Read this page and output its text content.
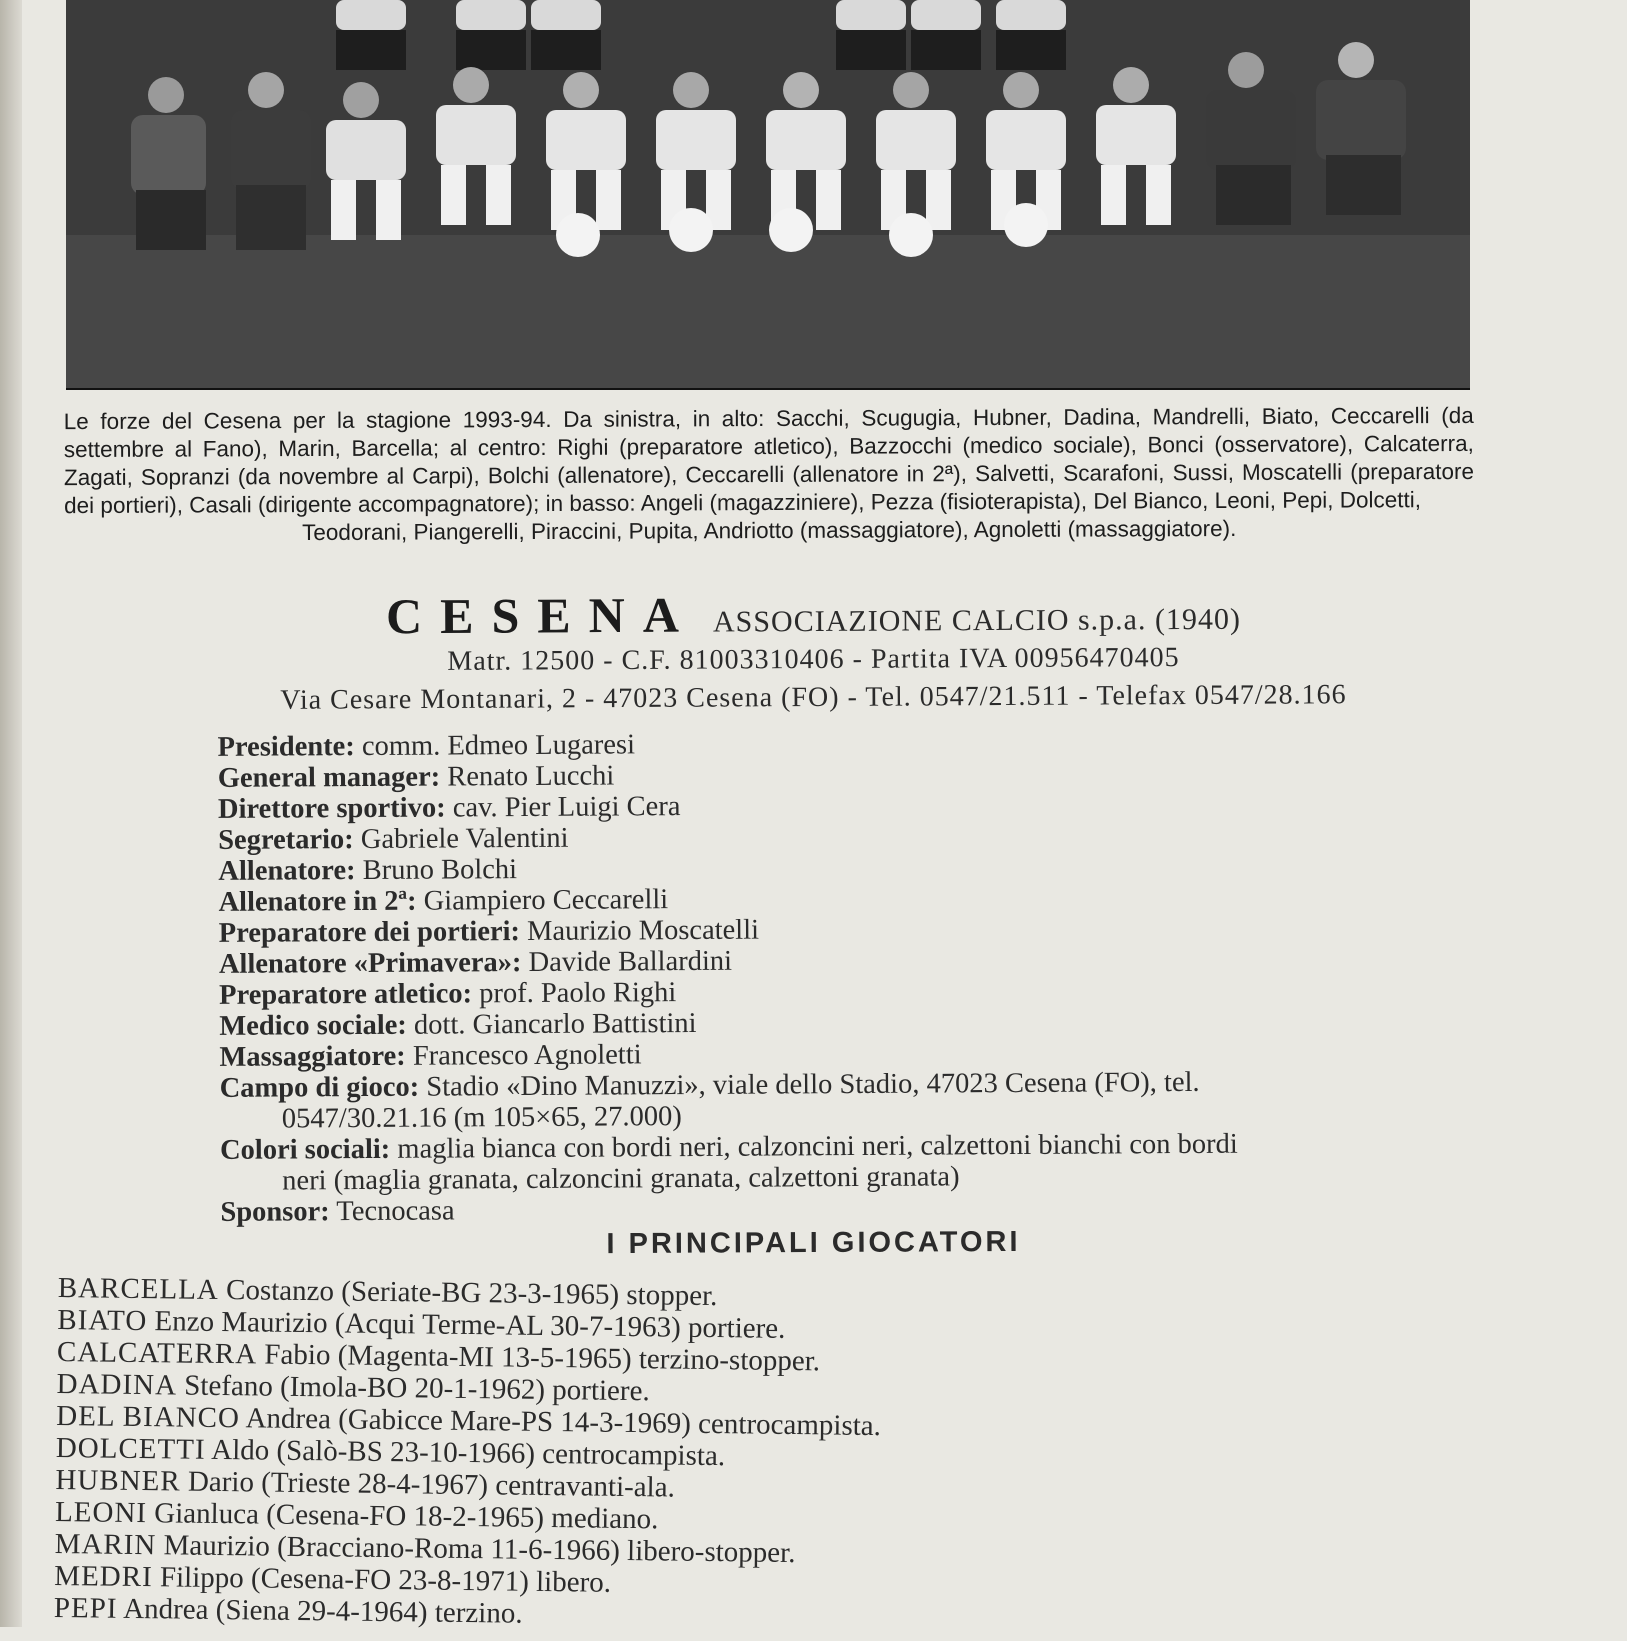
Le forze del Cesena per la stagione 1993-94. Da sinistra, in alto: Sacchi, Scugugia, Hubner, Dadina, Mandrelli, Biato, Ceccarelli (da settembre al Fano), Marin, Barcella; al centro: Righi (preparatore atletico), Bazzocchi (medico sociale), Bonci (osservatore), Calcaterra, Zagati, Sopranzi (da novembre al Carpi), Bolchi (allenatore), Ceccarelli (allenatore in 2ª), Salvetti, Scarafoni, Sussi, Moscatelli (preparatore dei portieri), Casali (dirigente accompagnatore); in basso: Angeli (magazziniere), Pezza (fisioterapista), Del Bianco, Leoni, Pepi, Dolcetti,
Teodorani, Piangerelli, Piraccini, Pupita, Andriotto (massaggiatore), Agnoletti (massaggiatore).
CESENA ASSOCIAZIONE CALCIO s.p.a. (1940)
Matr. 12500 - C.F. 81003310406 - Partita IVA 00956470405
Via Cesare Montanari, 2 - 47023 Cesena (FO) - Tel. 0547/21.511 - Telefax 0547/28.166
Presidente: comm. Edmeo Lugaresi
General manager: Renato Lucchi
Direttore sportivo: cav. Pier Luigi Cera
Segretario: Gabriele Valentini
Allenatore: Bruno Bolchi
Allenatore in 2ª: Giampiero Ceccarelli
Preparatore dei portieri: Maurizio Moscatelli
Allenatore «Primavera»: Davide Ballardini
Preparatore atletico: prof. Paolo Righi
Medico sociale: dott. Giancarlo Battistini
Massaggiatore: Francesco Agnoletti
Campo di gioco: Stadio «Dino Manuzzi», viale dello Stadio, 47023 Cesena (FO), tel.
0547/30.21.16 (m 105×65, 27.000)
Colori sociali: maglia bianca con bordi neri, calzoncini neri, calzettoni bianchi con bordi
neri (maglia granata, calzoncini granata, calzettoni granata)
Sponsor: Tecnocasa
I PRINCIPALI GIOCATORI
BARCELLA Costanzo (Seriate-BG 23-3-1965) stopper.
BIATO Enzo Maurizio (Acqui Terme-AL 30-7-1963) portiere.
CALCATERRA Fabio (Magenta-MI 13-5-1965) terzino-stopper.
DADINA Stefano (Imola-BO 20-1-1962) portiere.
DEL BIANCO Andrea (Gabicce Mare-PS 14-3-1969) centrocampista.
DOLCETTI Aldo (Salò-BS 23-10-1966) centrocampista.
HUBNER Dario (Trieste 28-4-1967) centravanti-ala.
LEONI Gianluca (Cesena-FO 18-2-1965) mediano.
MARIN Maurizio (Bracciano-Roma 11-6-1966) libero-stopper.
MEDRI Filippo (Cesena-FO 23-8-1971) libero.
PEPI Andrea (Siena 29-4-1964) terzino.
